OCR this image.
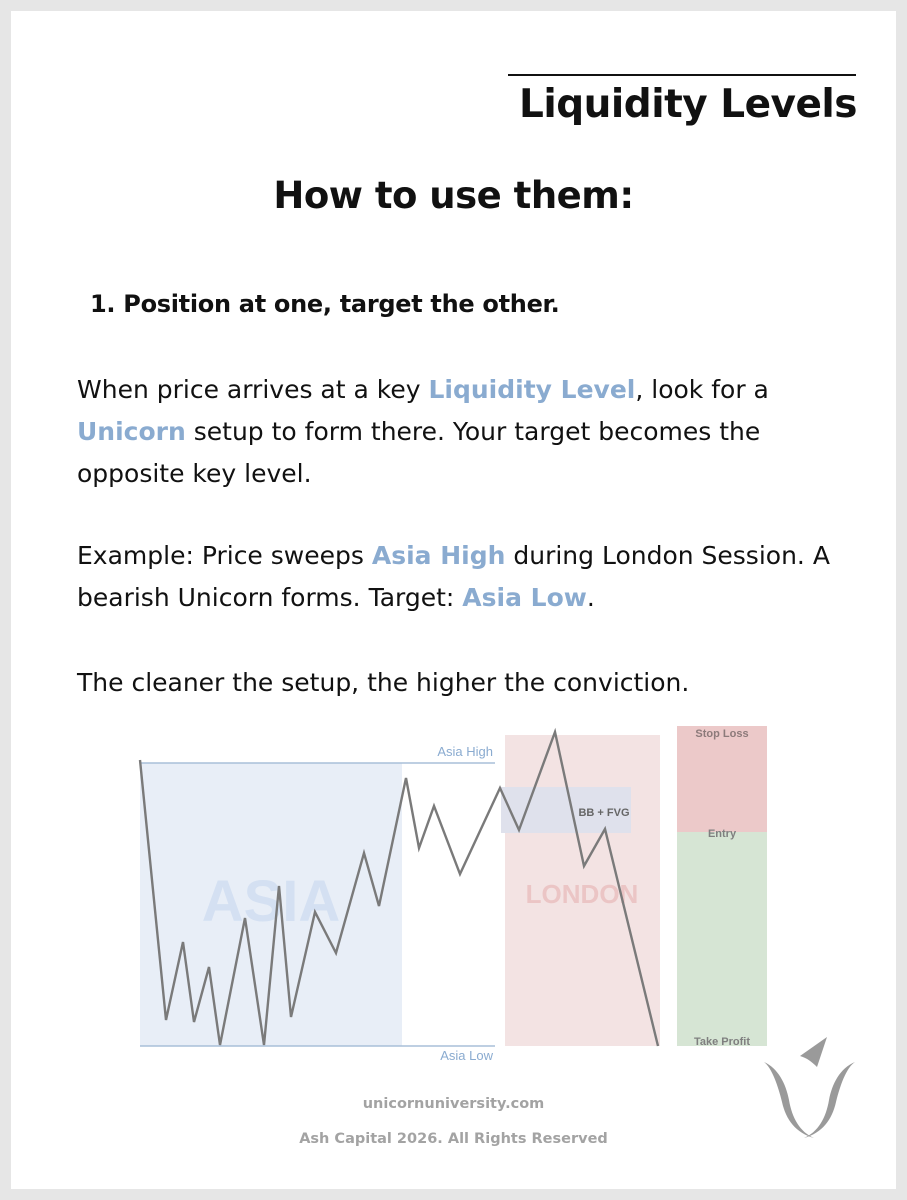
Liquidity Levels
How to use them:

1. Position at one, target the other.

When price arrives at a key Liquidity Level, look for a Unicorn setup to form there. Your target becomes the opposite key level.

Example: Price sweeps Asia High during London Session. A bearish Unicorn forms. Target: Asia Low.

The cleaner the setup, the higher the conviction.

ASIA	LONDON
Asia High
Asia Low
BB + FVG
Stop Loss
Entry
Take Profit

unicornuniversity.com

Ash Capital 2026. All Rights Reserved
